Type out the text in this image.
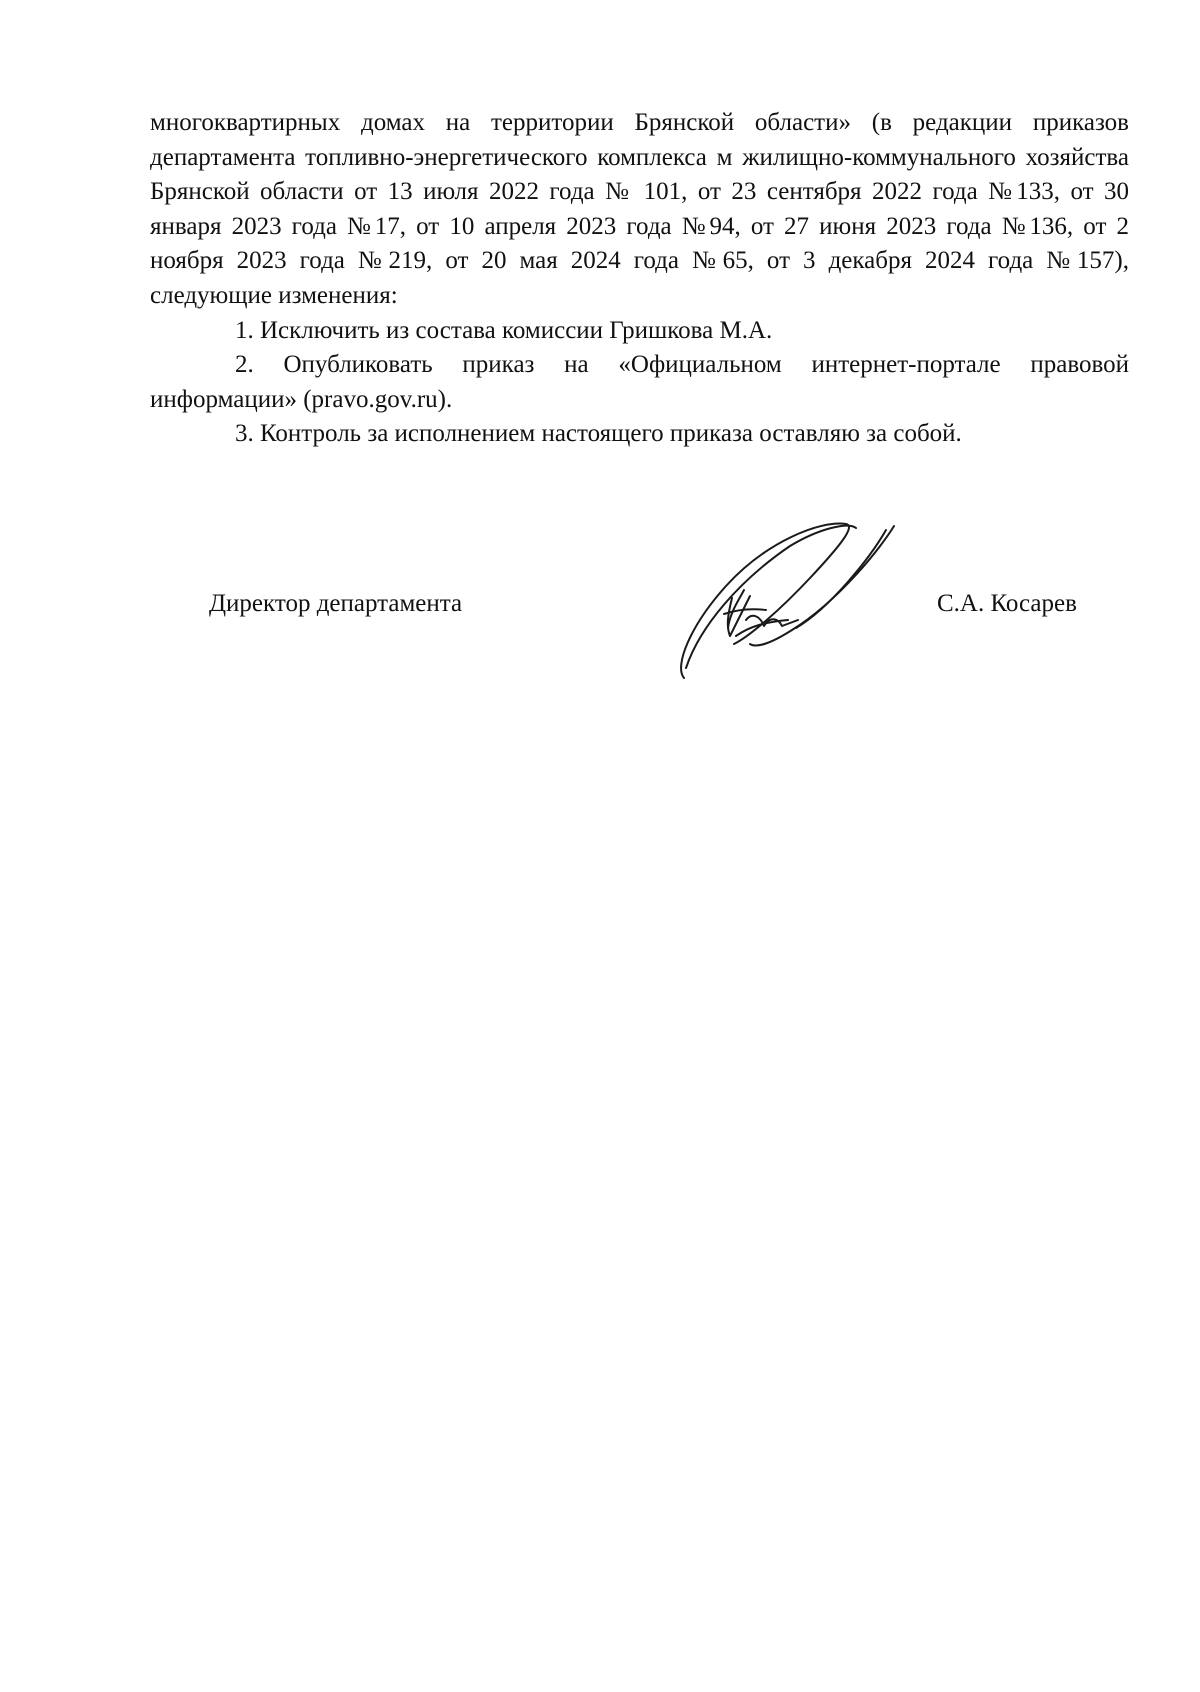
многоквартирных домах на территории Брянской области» (в редакции приказов департамента топливно-энергетического комплекса м жилищно-коммунального хозяйства Брянской области от 13 июля 2022 года № 101, от 23 сентября 2022 года №133, от 30 января 2023 года №17, от 10 апреля 2023 года №94, от 27 июня 2023 года №136, от 2 ноября 2023 года №219, от 20 мая 2024 года №65, от 3 декабря 2024 года №157), следующие изменения:

1. Исключить из состава комиссии Гришкова М.А.

2. Опубликовать приказ на «Официальном интернет-портале правовой информации» (pravo.gov.ru).

3. Контроль за исполнением настоящего приказа оставляю за собой.

Директор департамента	С.А. Косарев
